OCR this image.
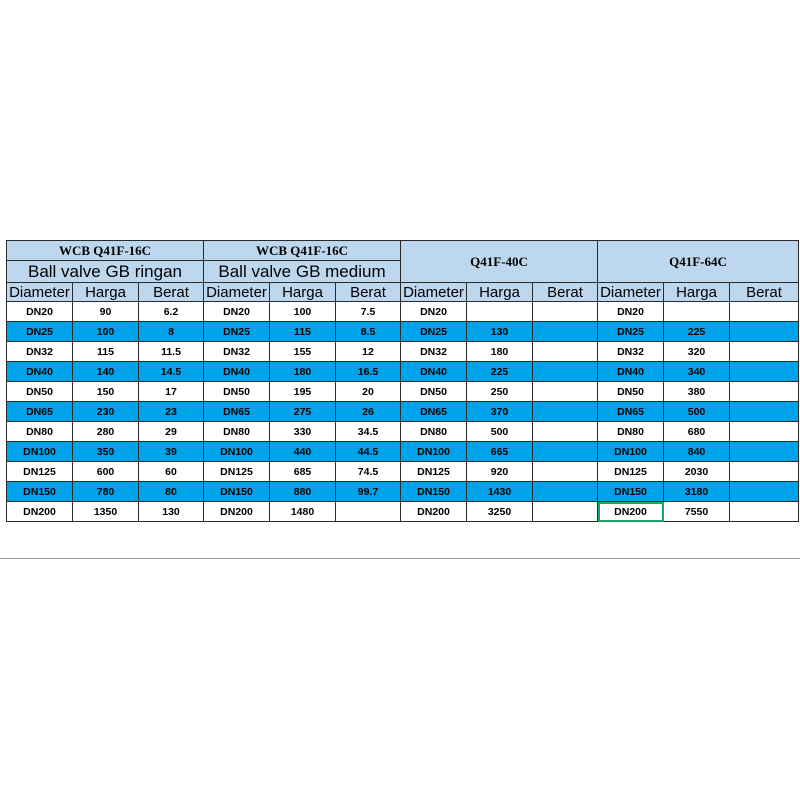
WCB Q41F-16C			WCB Q41F-16C			Q41F-40C			Q41F-64C		
Ball valve GB ringan			Ball valve GB medium								
Diameter	Harga	Berat	Diameter	Harga	Berat	Diameter	Harga	Berat	Diameter	Harga	Berat
DN20	90	6.2	DN20	100	7.5	DN20			DN20		
DN25	100	8	DN25	115	8.5	DN25	130		DN25	225	
DN32	115	11.5	DN32	155	12	DN32	180		DN32	320	
DN40	140	14.5	DN40	180	16.5	DN40	225		DN40	340	
DN50	150	17	DN50	195	20	DN50	250		DN50	380	
DN65	230	23	DN65	275	26	DN65	370		DN65	500	
DN80	280	29	DN80	330	34.5	DN80	500		DN80	680	
DN100	350	39	DN100	440	44.5	DN100	665		DN100	840	
DN125	600	60	DN125	685	74.5	DN125	920		DN125	2030	
DN150	780	80	DN150	880	99.7	DN150	1430		DN150	3180	
DN200	1350	130	DN200	1480		DN200	3250		DN200	7550	
